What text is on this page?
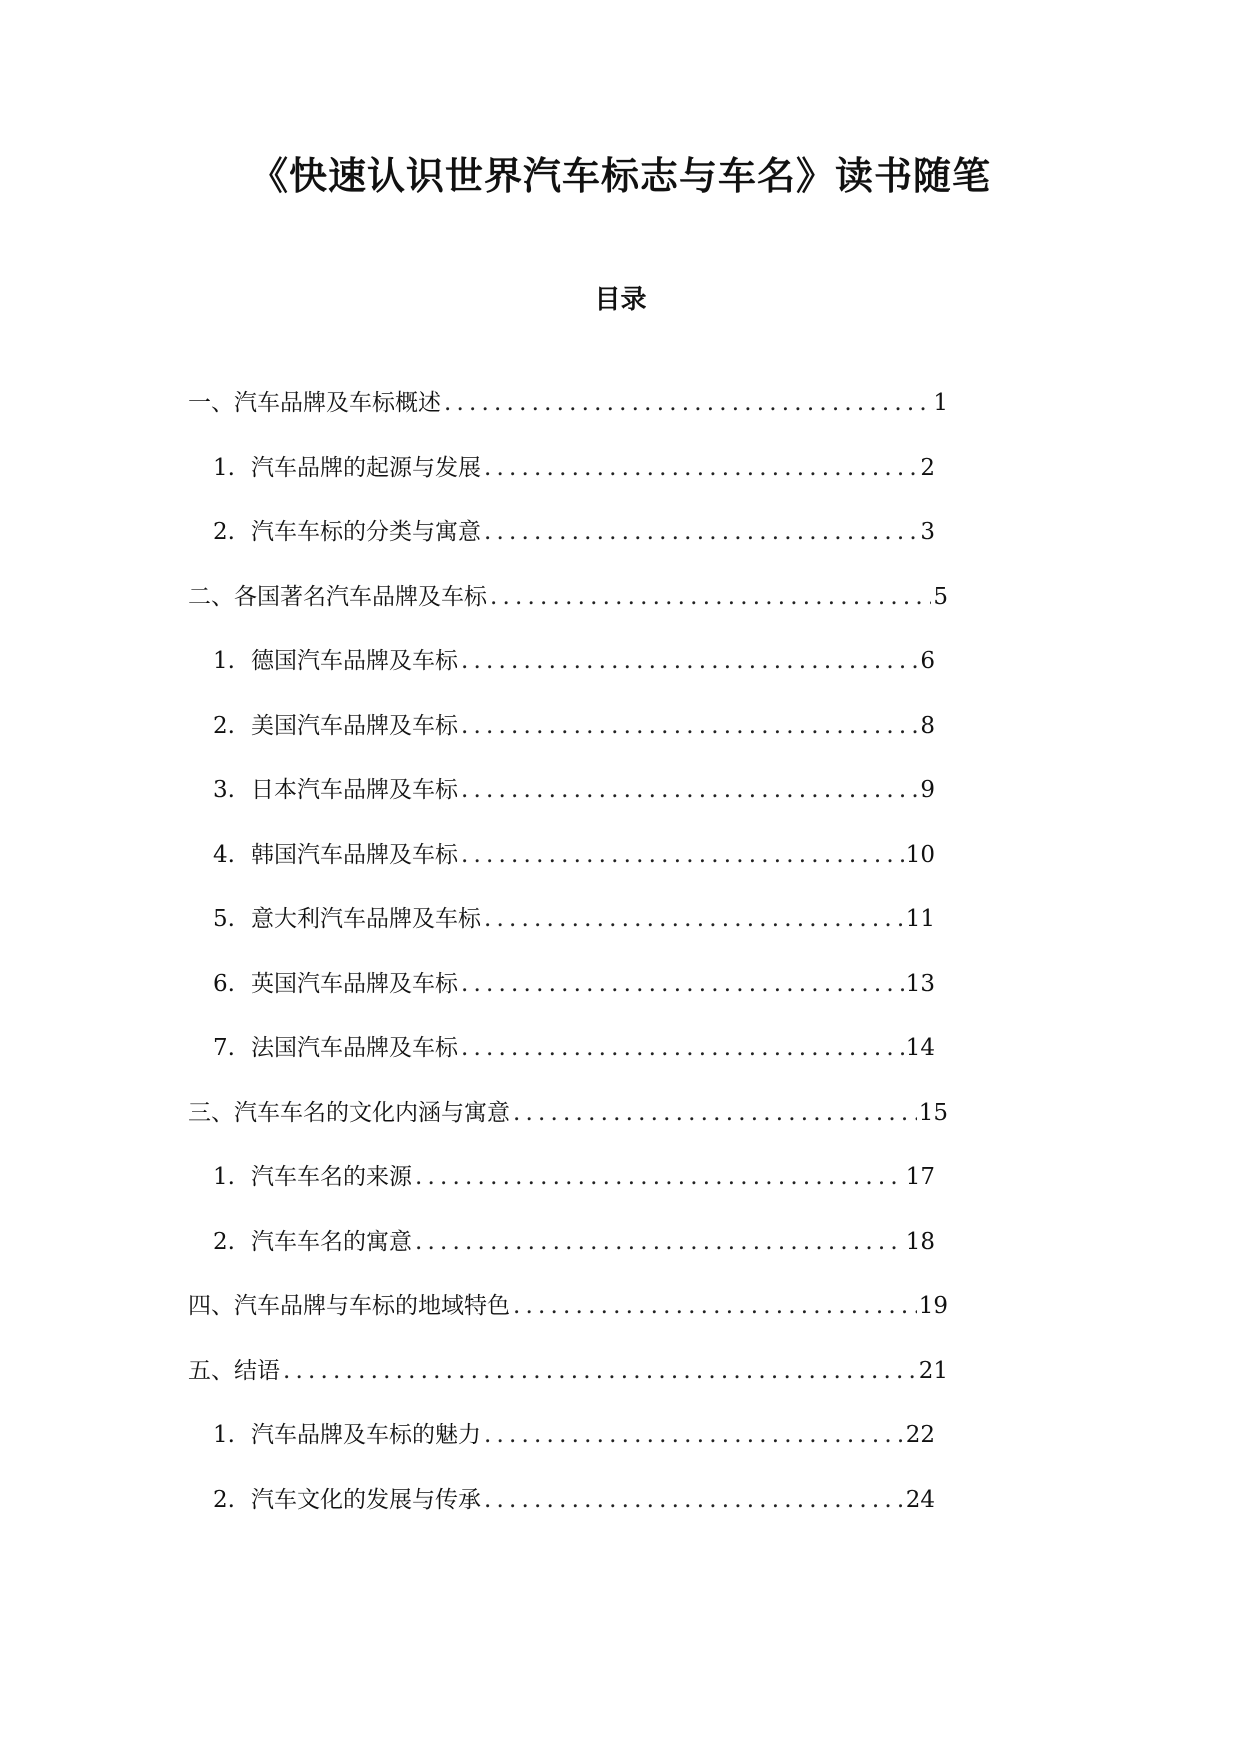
《快速认识世界汽车标志与车名》读书随笔
目录
一、 汽车品牌及车标概述 .....	1
1. 汽车品牌的起源与发展 .....	2
2. 汽车车标的分类与寓意 .....	3
二、 各国著名汽车品牌及车标 .....	5
1. 德国汽车品牌及车标 .....	6
2. 美国汽车品牌及车标 .....	8
3. 日本汽车品牌及车标 .....	9
4. 韩国汽车品牌及车标 .....	10
5. 意大利汽车品牌及车标 .....	11
6. 英国汽车品牌及车标 .....	13
7. 法国汽车品牌及车标 .....	14
三、 汽车车名的文化内涵与寓意 .....	15
1. 汽车车名的来源 .....	17
2. 汽车车名的寓意 .....	18
四、 汽车品牌与车标的地域特色 .....	19
五、 结语 .....	21
1. 汽车品牌及车标的魅力 .....	22
2. 汽车文化的发展与传承 .....	24
